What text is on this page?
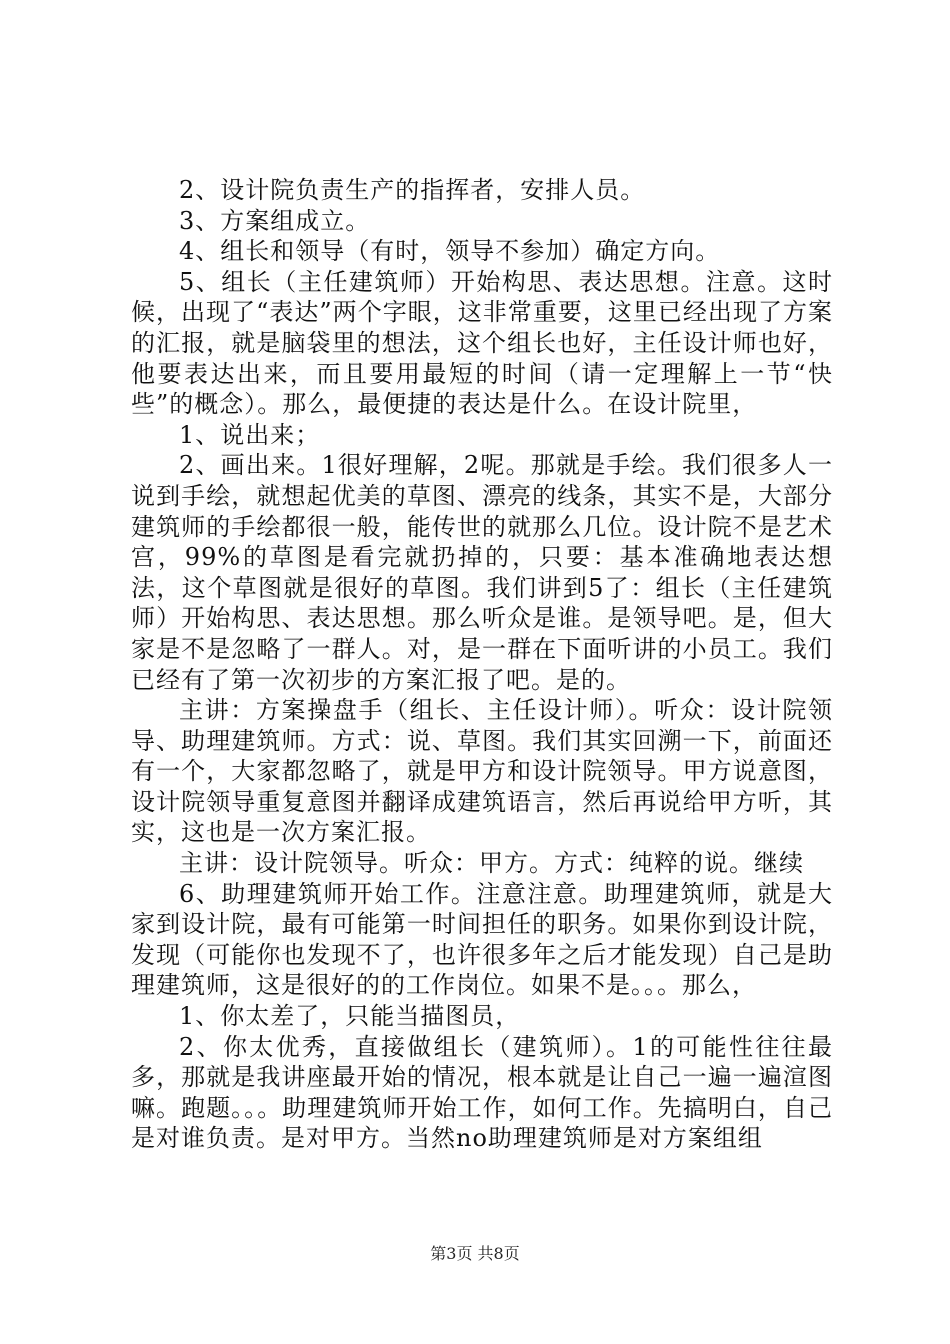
2、设计院负责生产的指挥者，安排人员。

3、方案组成立。

4、组长和领导（有时，领导不参加）确定方向。

5、组长（主任建筑师）开始构思、表达思想。注意。这时候，出现了“表达”两个字眼，这非常重要，这里已经出现了方案的汇报，就是脑袋里的想法，这个组长也好，主任设计师也好，他要表达出来，而且要用最短的时间（请一定理解上一节“快些”的概念）。那么，最便捷的表达是什么。在设计院里，

1、说出来；

2、画出来。1很好理解，2呢。那就是手绘。我们很多人一说到手绘，就想起优美的草图、漂亮的线条，其实不是，大部分建筑师的手绘都很一般，能传世的就那么几位。设计院不是艺术宫，99%的草图是看完就扔掉的，只要：基本准确地表达想法，这个草图就是很好的草图。我们讲到5了：组长（主任建筑师）开始构思、表达思想。那么听众是谁。是领导吧。是，但大家是不是忽略了一群人。对，是一群在下面听讲的小员工。我们已经有了第一次初步的方案汇报了吧。是的。

主讲：方案操盘手（组长、主任设计师）。听众：设计院领导、助理建筑师。方式：说、草图。我们其实回溯一下，前面还有一个，大家都忽略了，就是甲方和设计院领导。甲方说意图，设计院领导重复意图并翻译成建筑语言，然后再说给甲方听，其实，这也是一次方案汇报。

主讲：设计院领导。听众：甲方。方式：纯粹的说。继续

6、助理建筑师开始工作。注意注意。助理建筑师，就是大家到设计院，最有可能第一时间担任的职务。如果你到设计院，发现（可能你也发现不了，也许很多年之后才能发现）自己是助理建筑师，这是很好的的工作岗位。如果不是。。。那么，

1、你太差了，只能当描图员，

2、你太优秀，直接做组长（建筑师）。1的可能性往往最多，那就是我讲座最开始的情况，根本就是让自己一遍一遍渲图嘛。跑题。。。助理建筑师开始工作，如何工作。先搞明白，自己是对谁负责。是对甲方。当然no助理建筑师是对方案组组

第3页 共8页
